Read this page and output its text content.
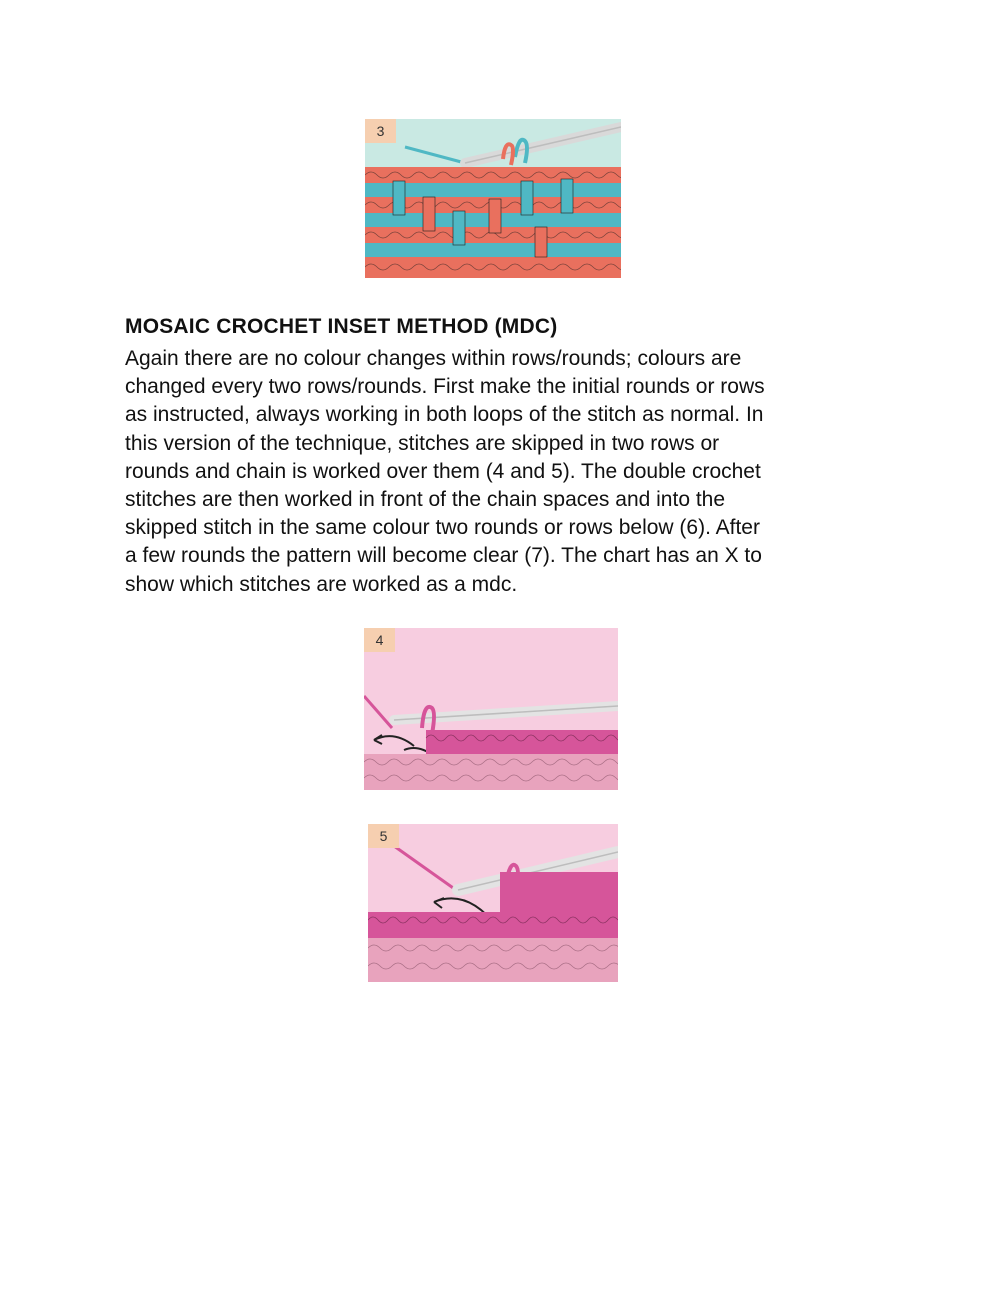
3
MOSAIC CROCHET INSET METHOD (MDC)
Again there are no colour changes within rows/rounds; colours are
changed every two rows/rounds. First make the initial rounds or rows
as instructed, always working in both loops of the stitch as normal. In
this version of the technique, stitches are skipped in two rows or
rounds and chain is worked over them (4 and 5). The double crochet
stitches are then worked in front of the chain spaces and into the
skipped stitch in the same colour two rounds or rows below (6). After
a few rounds the pattern will become clear (7). The chart has an X to
show which stitches are worked as a mdc.
4
5
